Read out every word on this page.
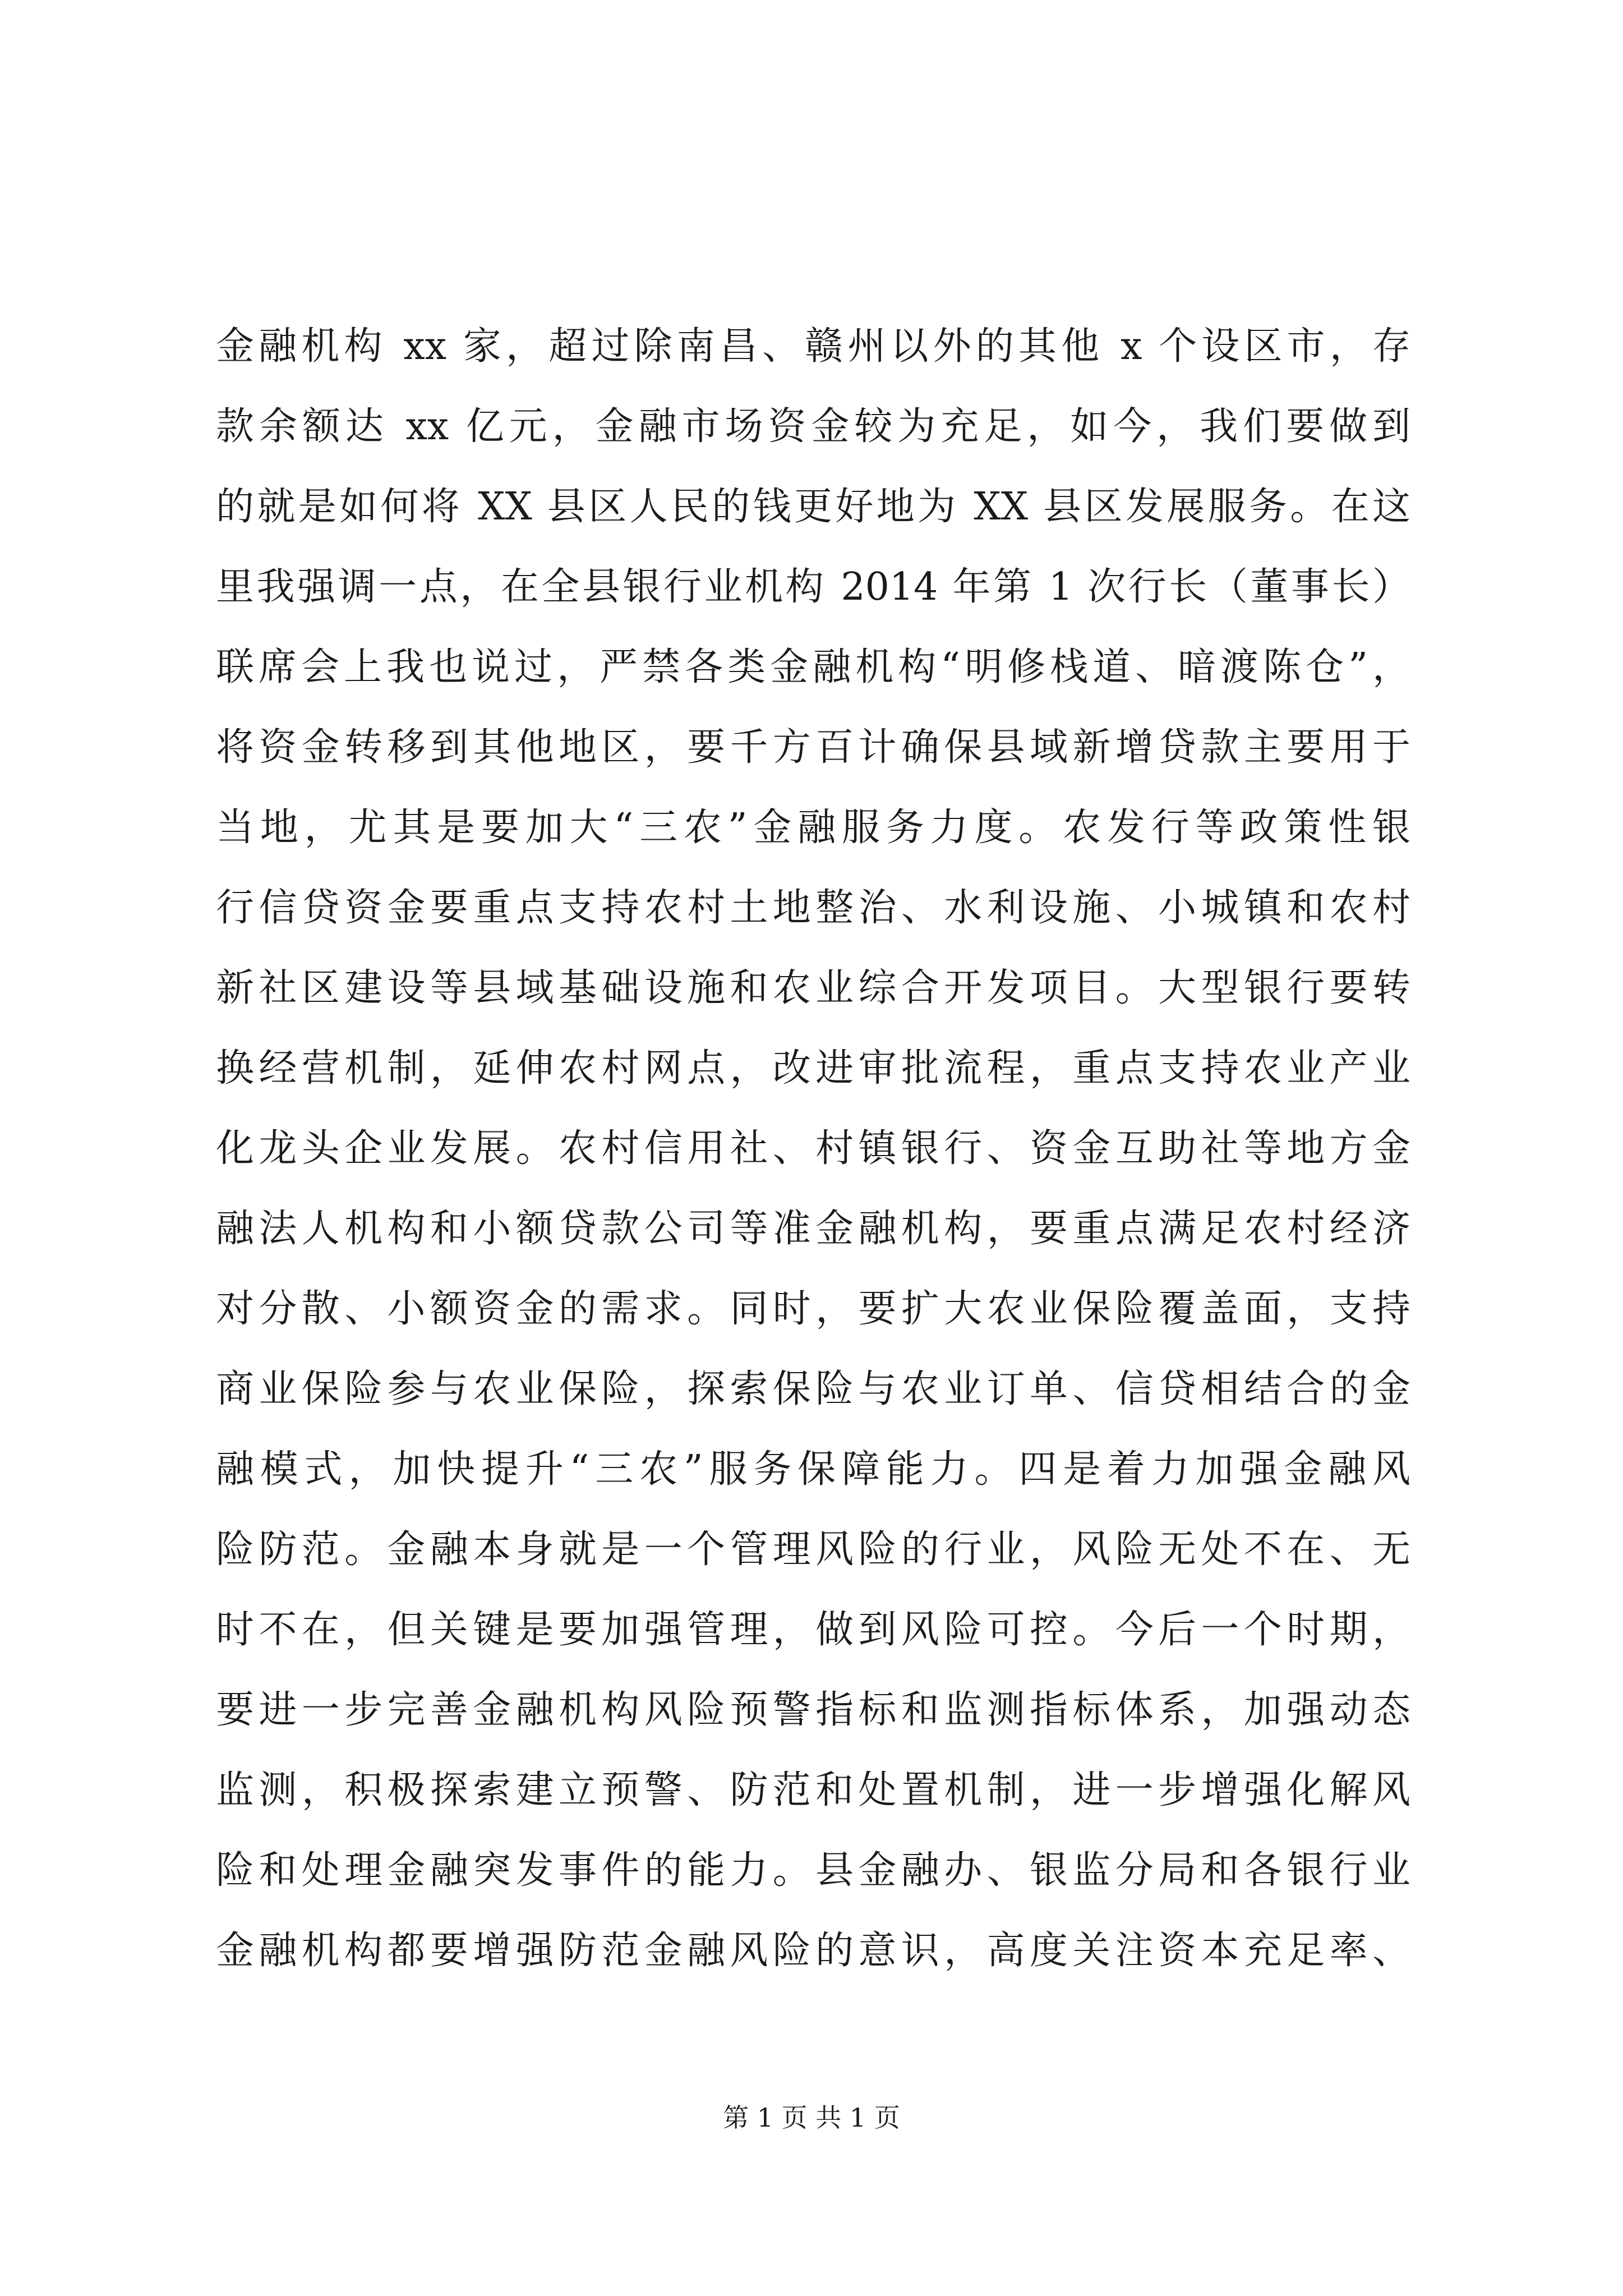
金融机构 xx 家，超过除南昌、赣州以外的其他 x 个设区市，存
款余额达 xx 亿元，金融市场资金较为充足，如今，我们要做到
的就是如何将 XX 县区人民的钱更好地为 XX 县区发展服务。在这
里我强调一点，在全县银行业机构 2014 年第 1 次行长（董事长）
联席会上我也说过，严禁各类金融机构“明修栈道、暗渡陈仓”，
将资金转移到其他地区，要千方百计确保县域新增贷款主要用于
当地，尤其是要加大“三农”金融服务力度。农发行等政策性银
行信贷资金要重点支持农村土地整治、水利设施、小城镇和农村
新社区建设等县域基础设施和农业综合开发项目。大型银行要转
换经营机制，延伸农村网点，改进审批流程，重点支持农业产业
化龙头企业发展。农村信用社、村镇银行、资金互助社等地方金
融法人机构和小额贷款公司等准金融机构，要重点满足农村经济
对分散、小额资金的需求。同时，要扩大农业保险覆盖面，支持
商业保险参与农业保险，探索保险与农业订单、信贷相结合的金
融模式，加快提升“三农”服务保障能力。四是着力加强金融风
险防范。金融本身就是一个管理风险的行业，风险无处不在、无
时不在，但关键是要加强管理，做到风险可控。今后一个时期，
要进一步完善金融机构风险预警指标和监测指标体系，加强动态
监测，积极探索建立预警、防范和处置机制，进一步增强化解风
险和处理金融突发事件的能力。县金融办、银监分局和各银行业
金融机构都要增强防范金融风险的意识，高度关注资本充足率、
第 1 页 共 1 页
